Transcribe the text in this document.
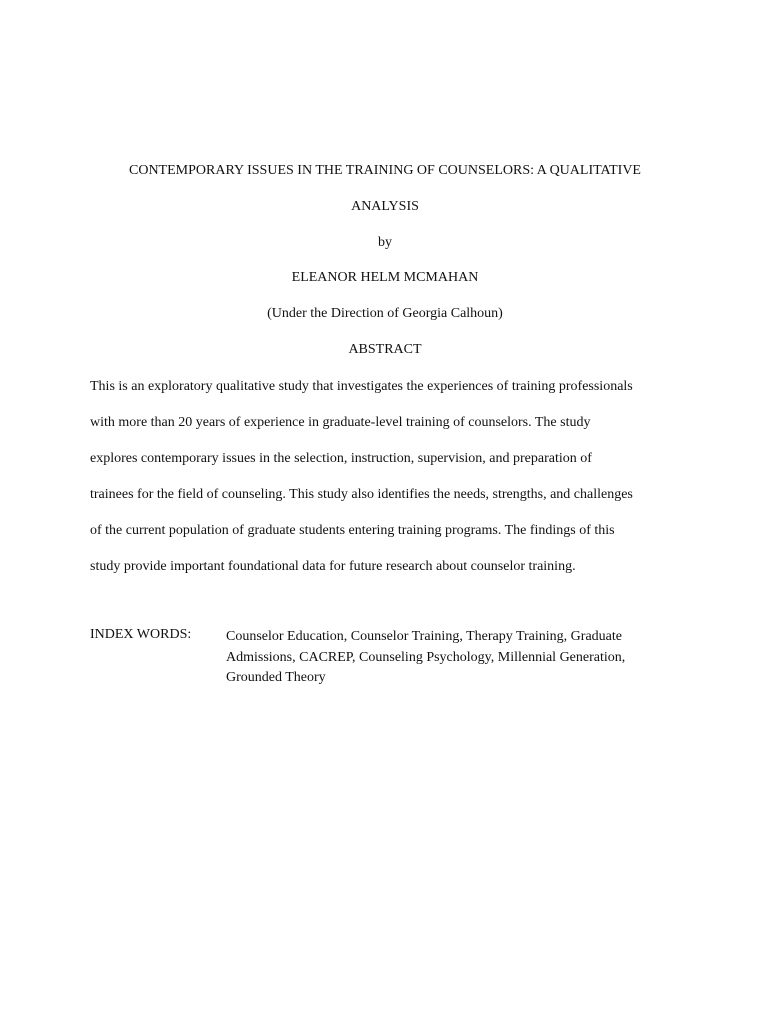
CONTEMPORARY ISSUES IN THE TRAINING OF COUNSELORS: A QUALITATIVE
ANALYSIS
by
ELEANOR HELM MCMAHAN
(Under the Direction of Georgia Calhoun)
ABSTRACT
This is an exploratory qualitative study that investigates the experiences of training professionals
with more than 20 years of experience in graduate-level training of counselors. The study
explores contemporary issues in the selection, instruction, supervision, and preparation of
trainees for the field of counseling. This study also identifies the needs, strengths, and challenges
of the current population of graduate students entering training programs. The findings of this
study provide important foundational data for future research about counselor training.
INDEX WORDS: Counselor Education, Counselor Training, Therapy Training, Graduate
Admissions, CACREP, Counseling Psychology, Millennial Generation,
Grounded Theory
